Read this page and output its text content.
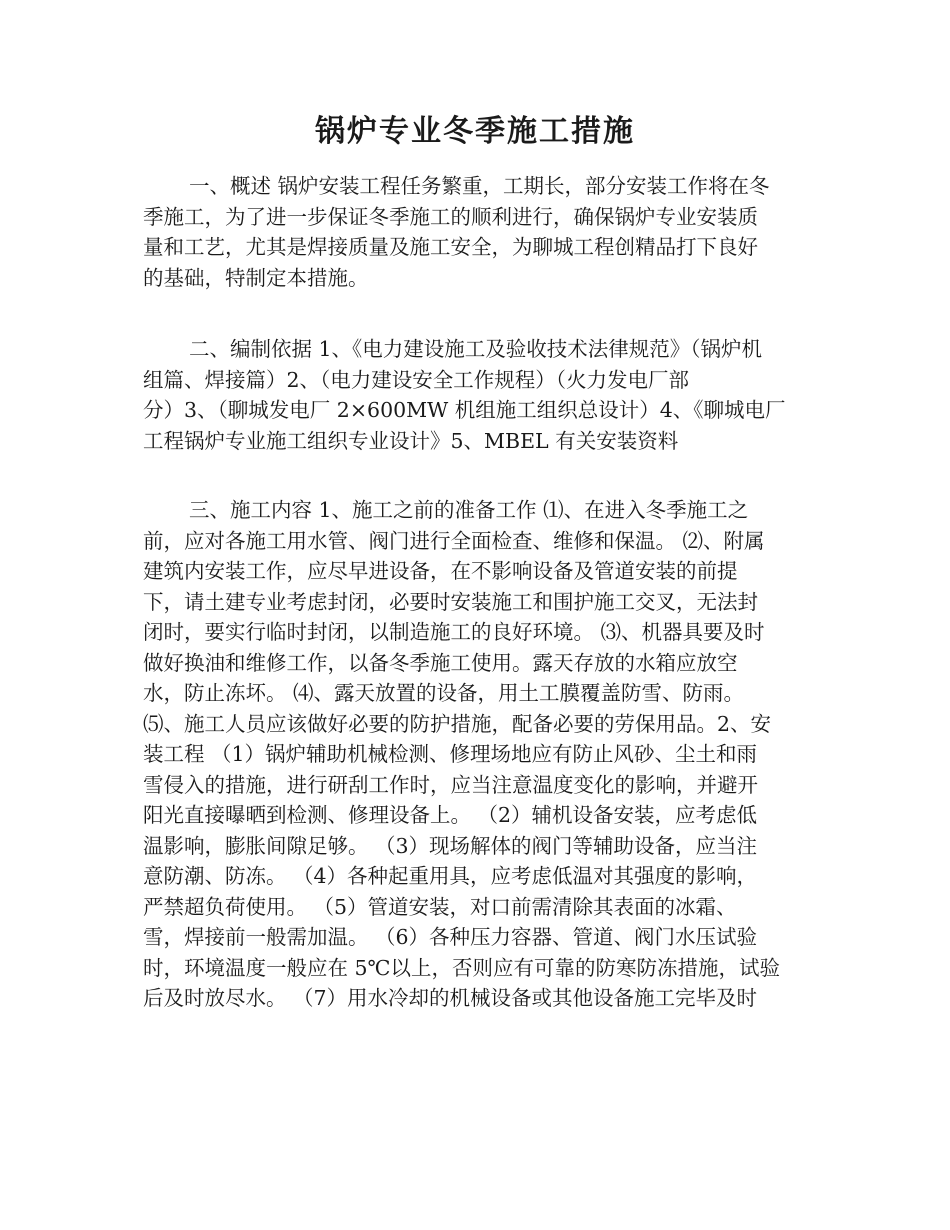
锅炉专业冬季施工措施
一、概述 锅炉安装工程任务繁重，工期长，部分安装工作将在冬
季施工，为了进一步保证冬季施工的顺利进行，确保锅炉专业安装质
量和工艺，尤其是焊接质量及施工安全，为聊城工程创精品打下良好
的基础，特制定本措施。
二、编制依据 1、《电力建设施工及验收技术法律规范》（锅炉机
组篇、焊接篇）2、（电力建设安全工作规程）（火力发电厂部
分）3、（聊城发电厂 2×600MW 机组施工组织总设计）4、《聊城电厂
工程锅炉专业施工组织专业设计》5、MBEL 有关安装资料
三、施工内容 1、施工之前的准备工作 ⑴、在进入冬季施工之
前，应对各施工用水管、阀门进行全面检查、维修和保温。 ⑵、附属
建筑内安装工作，应尽早进设备，在不影响设备及管道安装的前提
下，请土建专业考虑封闭，必要时安装施工和围护施工交叉，无法封
闭时，要实行临时封闭，以制造施工的良好环境。 ⑶、机器具要及时
做好换油和维修工作，以备冬季施工使用。露天存放的水箱应放空
水，防止冻坏。 ⑷、露天放置的设备，用土工膜覆盖防雪、防雨。
⑸、施工人员应该做好必要的防护措施，配备必要的劳保用品。2、安
装工程 （1）锅炉辅助机械检测、修理场地应有防止风砂、尘土和雨
雪侵入的措施，进行研刮工作时，应当注意温度变化的影响，并避开
阳光直接曝晒到检测、修理设备上。 （2）辅机设备安装，应考虑低
温影响，膨胀间隙足够。 （3）现场解体的阀门等辅助设备，应当注
意防潮、防冻。 （4）各种起重用具，应考虑低温对其强度的影响，
严禁超负荷使用。 （5）管道安装，对口前需清除其表面的冰霜、
雪，焊接前一般需加温。 （6）各种压力容器、管道、阀门水压试验
时，环境温度一般应在 5℃以上，否则应有可靠的防寒防冻措施，试验
后及时放尽水。 （7）用水冷却的机械设备或其他设备施工完毕及时
